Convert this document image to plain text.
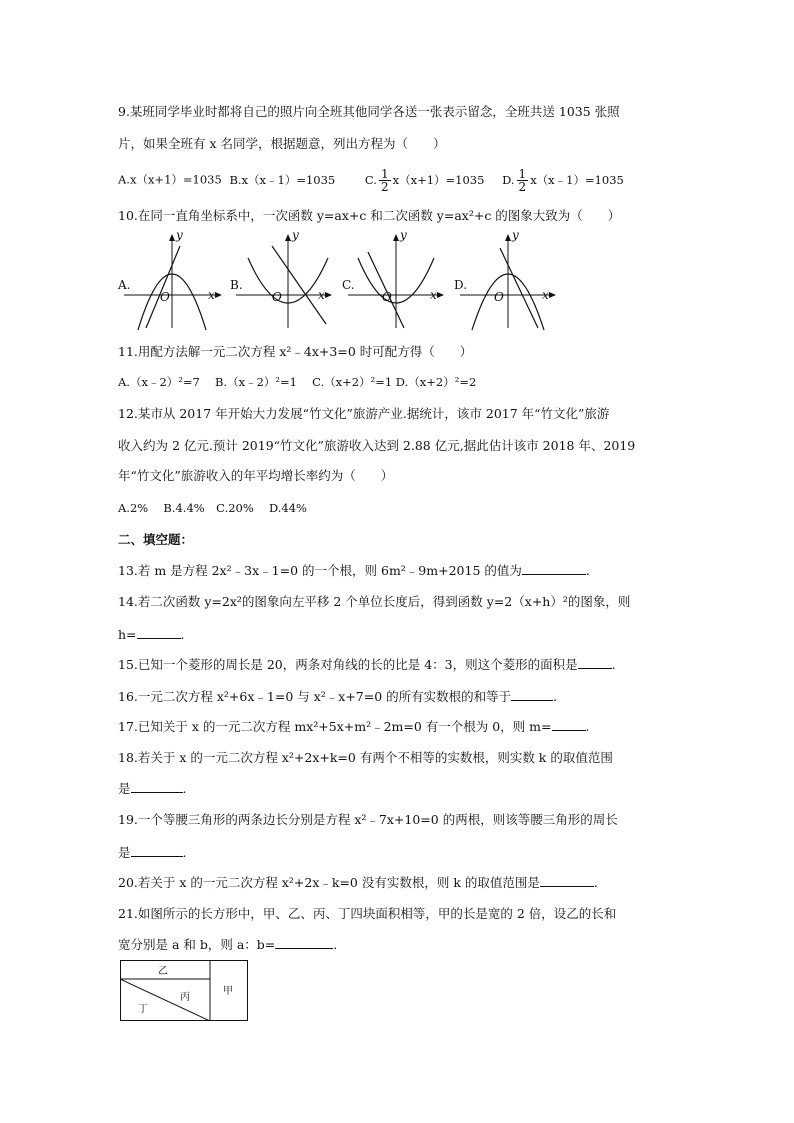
9.某班同学毕业时都将自己的照片向全班其他同学各送一张表示留念，全班共送 1035 张照
片，如果全班有 x 名同学，根据题意，列出方程为（　　）
A.x（x+1）=1035 B.x（x﹣1）=1035	C. $\frac{1}{2} x(x+1)=1035$ D. $\frac{1}{2}$ x（x﹣1）=1035
10.在同一直角坐标系中，一次函数 y=ax+c 和二次函数 y=ax²+c 的图象大致为（　　）
A.
y
x
O
B.
y
x
O
C.
y
x
O
D.
y
x
O
11.用配方法解一元二次方程 x²﹣4x+3=0 时可配方得（　　）
A.（x﹣2）²=7　 B.（x﹣2）²=1　 C.（x+2）²=1 D.（x+2）²=2
12.某市从 2017 年开始大力发展“竹文化”旅游产业.据统计，该市 2017 年“竹文化”旅游
收入约为 2 亿元.预计 2019“竹文化”旅游收入达到 2.88 亿元,据此估计该市 2018 年、2019
年“竹文化”旅游收入的年平均增长率约为（　　）
A.2%　 B.4.4%　C.20%　 D.44%
二、填空题：
13.若 m 是方程 2x²﹣3x﹣1=0 的一个根，则 6m²﹣9m+2015 的值为	.
14.若二次函数 y=2x²的图象向左平移 2 个单位长度后，得到函数 y=2（x+h）²的图象，则
h=	.
15.已知一个菱形的周长是 20，两条对角线的长的比是 4：3，则这个菱形的面积是	.
16.一元二次方程 x²+6x﹣1=0 与 x²﹣x+7=0 的所有实数根的和等于	.
17.已知关于 x 的一元二次方程 mx²+5x+m²﹣2m=0 有一个根为 0，则 m=	.
18.若关于 x 的一元二次方程 x²+2x+k=0 有两个不相等的实数根，则实数 k 的取值范围
是	.
19.一个等腰三角形的两条边长分别是方程 x²﹣7x+10=0 的两根，则该等腰三角形的周长
是	.
20.若关于 x 的一元二次方程 x²+2x﹣k=0 没有实数根，则 k 的取值范围是	.
21.如图所示的长方形中，甲、乙、丙、丁四块面积相等，甲的长是宽的 2 倍，设乙的长和
宽分别是 a 和 b，则 a：b=	.
乙
丙
丁
甲
